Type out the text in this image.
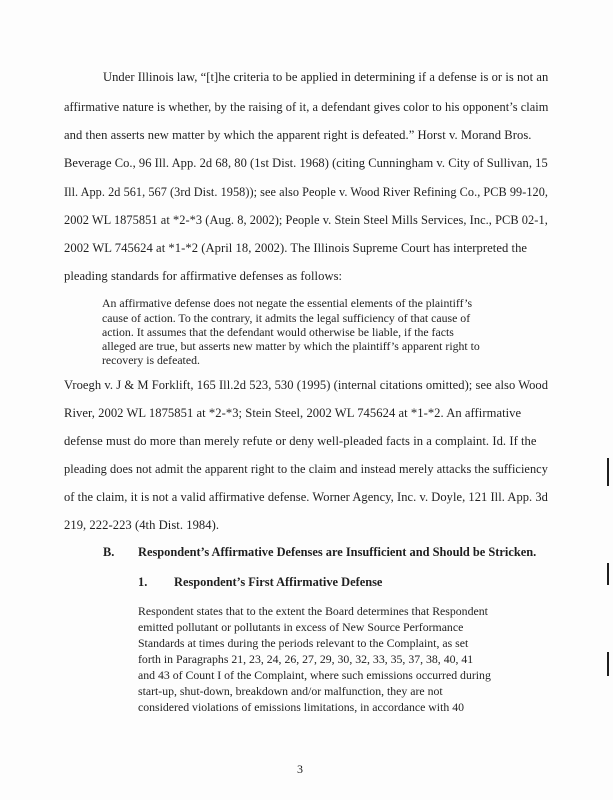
Under Illinois law, “[t]he criteria to be applied in determining if a defense is or is not an
affirmative nature is whether, by the raising of it, a defendant gives color to his opponent’s claim
and then asserts new matter by which the apparent right is defeated.” Horst v. Morand Bros.
Beverage Co., 96 Ill. App. 2d 68, 80 (1st Dist. 1968) (citing Cunningham v. City of Sullivan, 15
Ill. App. 2d 561, 567 (3rd Dist. 1958)); see also People v. Wood River Refining Co., PCB 99-120,
2002 WL 1875851 at *2-*3 (Aug. 8, 2002); People v. Stein Steel Mills Services, Inc., PCB 02-1,
2002 WL 745624 at *1-*2 (April 18, 2002). The Illinois Supreme Court has interpreted the
pleading standards for affirmative defenses as follows:
An affirmative defense does not negate the essential elements of the plaintiff’s
cause of action. To the contrary, it admits the legal sufficiency of that cause of
action. It assumes that the defendant would otherwise be liable, if the facts
alleged are true, but asserts new matter by which the plaintiff’s apparent right to
recovery is defeated.
Vroegh v. J & M Forklift, 165 Ill.2d 523, 530 (1995) (internal citations omitted); see also Wood
River, 2002 WL 1875851 at *2-*3; Stein Steel, 2002 WL 745624 at *1-*2. An affirmative
defense must do more than merely refute or deny well-pleaded facts in a complaint. Id. If the
pleading does not admit the apparent right to the claim and instead merely attacks the sufficiency
of the claim, it is not a valid affirmative defense. Worner Agency, Inc. v. Doyle, 121 Ill. App. 3d
219, 222-223 (4th Dist. 1984).
B. Respondent’s Affirmative Defenses are Insufficient and Should be Stricken.
1. Respondent’s First Affirmative Defense
Respondent states that to the extent the Board determines that Respondent
emitted pollutant or pollutants in excess of New Source Performance
Standards at times during the periods relevant to the Complaint, as set
forth in Paragraphs 21, 23, 24, 26, 27, 29, 30, 32, 33, 35, 37, 38, 40, 41
and 43 of Count I of the Complaint, where such emissions occurred during
start-up, shut-down, breakdown and/or malfunction, they are not
considered violations of emissions limitations, in accordance with 40
3
